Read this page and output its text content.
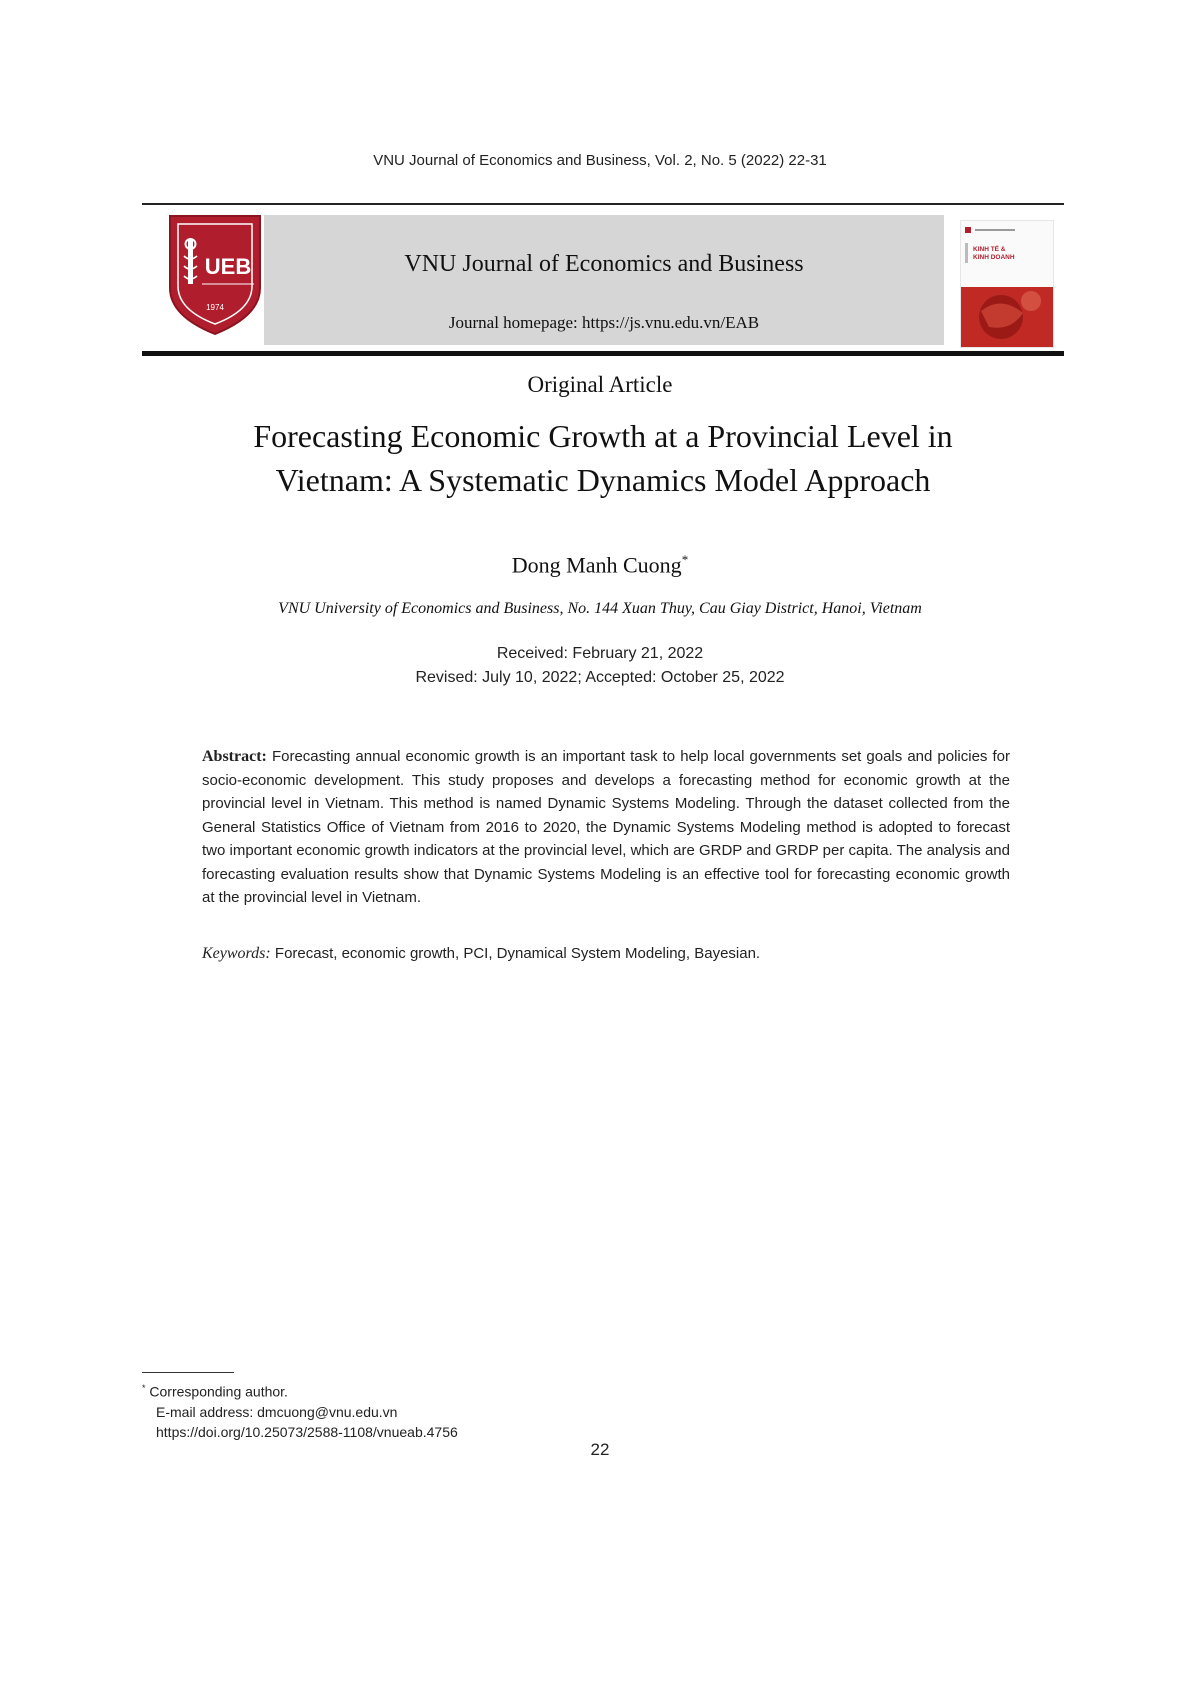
VNU Journal of Economics and Business, Vol. 2, No. 5 (2022) 22-31
UEB
1974
VNU Journal of Economics and Business
Journal homepage: https://js.vnu.edu.vn/EAB
KINH TẾ &
KINH DOANH
Original Article
Forecasting Economic Growth at a Provincial Level in
Vietnam: A Systematic Dynamics Model Approach
Dong Manh Cuong*
VNU University of Economics and Business, No. 144 Xuan Thuy, Cau Giay District, Hanoi, Vietnam
Received: February 21, 2022
Revised: July 10, 2022; Accepted: October 25, 2022
Abstract: Forecasting annual economic growth is an important task to help local governments set goals and policies for socio-economic development. This study proposes and develops a forecasting method for economic growth at the provincial level in Vietnam. This method is named Dynamic Systems Modeling. Through the dataset collected from the General Statistics Office of Vietnam from 2016 to 2020, the Dynamic Systems Modeling method is adopted to forecast two important economic growth indicators at the provincial level, which are GRDP and GRDP per capita. The analysis and forecasting evaluation results show that Dynamic Systems Modeling is an effective tool for forecasting economic growth at the provincial level in Vietnam.
Keywords: Forecast, economic growth, PCI, Dynamical System Modeling, Bayesian.
* Corresponding author.
E-mail address: dmcuong@vnu.edu.vn
https://doi.org/10.25073/2588-1108/vnueab.4756
22
